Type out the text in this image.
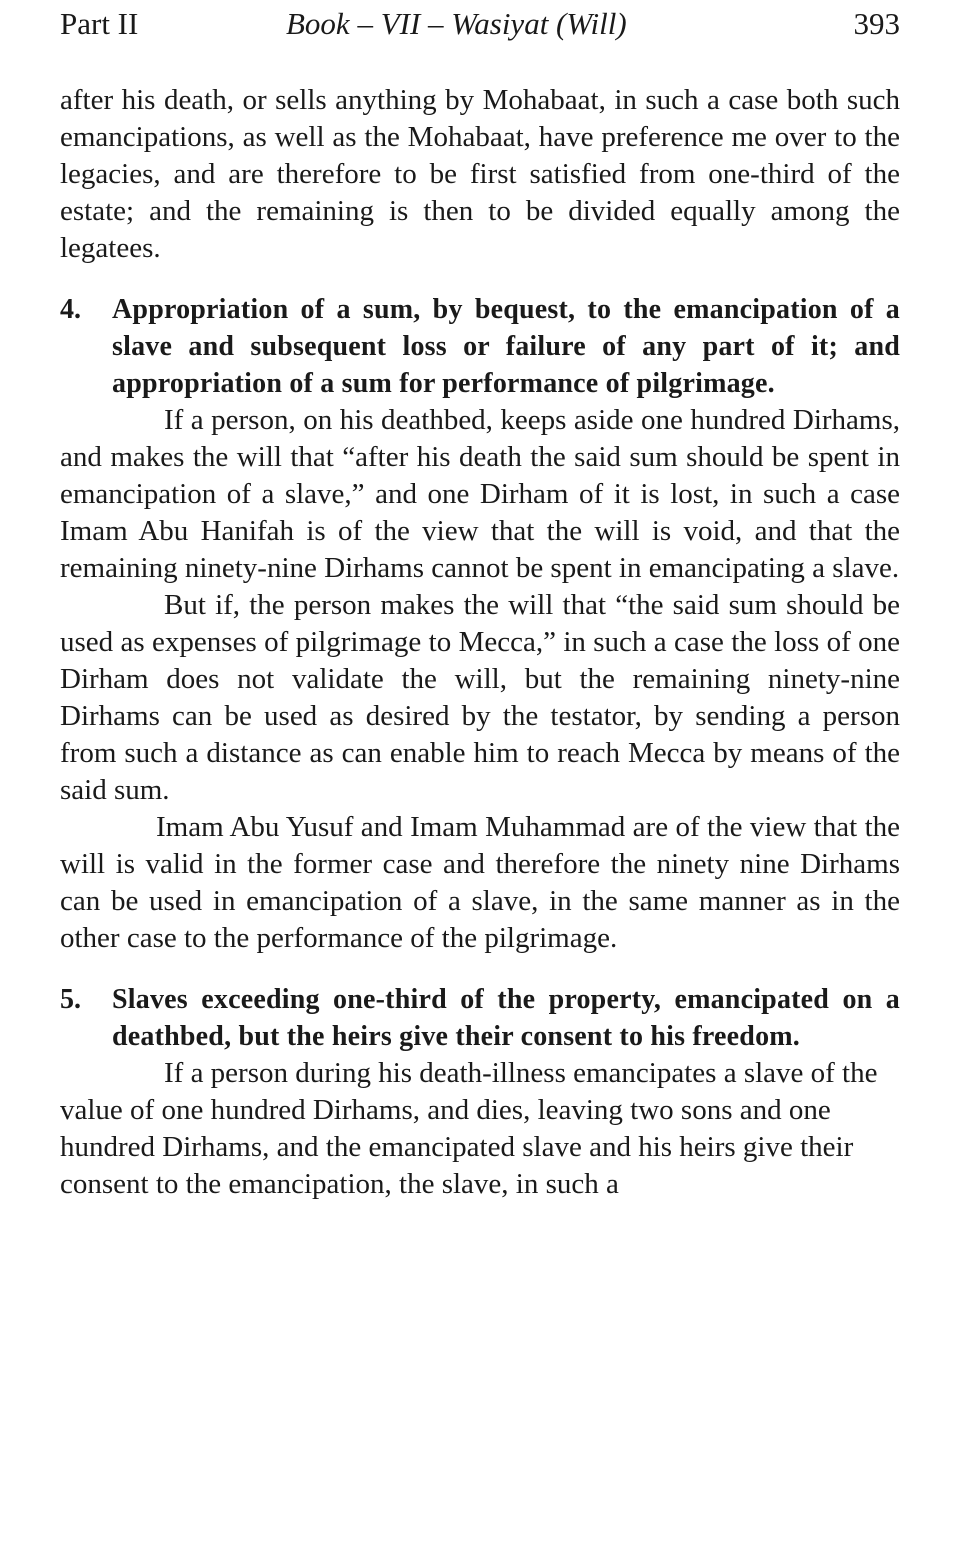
Part II	Book – VII – Wasiyat (Will)	393

after his death, or sells anything by Mohabaat, in such a case both such emancipations, as well as the Mohabaat, have preference me over to the legacies, and are therefore to be first satisfied from one-third of the estate; and the remaining is then to be divided equally among the legatees.

4.	Appropriation of a sum, by bequest, to the emancipation of a slave and subsequent loss or failure of any part of it; and appropriation of a sum for performance of pilgrimage.

If a person, on his deathbed, keeps aside one hundred Dirhams, and makes the will that “after his death the said sum should be spent in emancipation of a slave,” and one Dirham of it is lost, in such a case Imam Abu Hanifah is of the view that the will is void, and that the remaining ninety-nine Dirhams cannot be spent in emancipating a slave.

But if, the person makes the will that “the said sum should be used as expenses of pilgrimage to Mecca,” in such a case the loss of one Dirham does not validate the will, but the remaining ninety-nine Dirhams can be used as desired by the testator, by sending a person from such a distance as can enable him to reach Mecca by means of the said sum.

Imam Abu Yusuf and Imam Muhammad are of the view that the will is valid in the former case and therefore the ninety nine Dirhams can be used in emancipation of a slave, in the same manner as in the other case to the performance of the pilgrimage.

5.	Slaves exceeding one-third of the property, emancipated on a deathbed, but the heirs give their consent to his freedom.

If a person during his death-illness emancipates a slave of the value of one hundred Dirhams, and dies, leaving two sons and one hundred Dirhams, and the emancipated slave and his heirs give their consent to the emancipation, the slave, in such a
